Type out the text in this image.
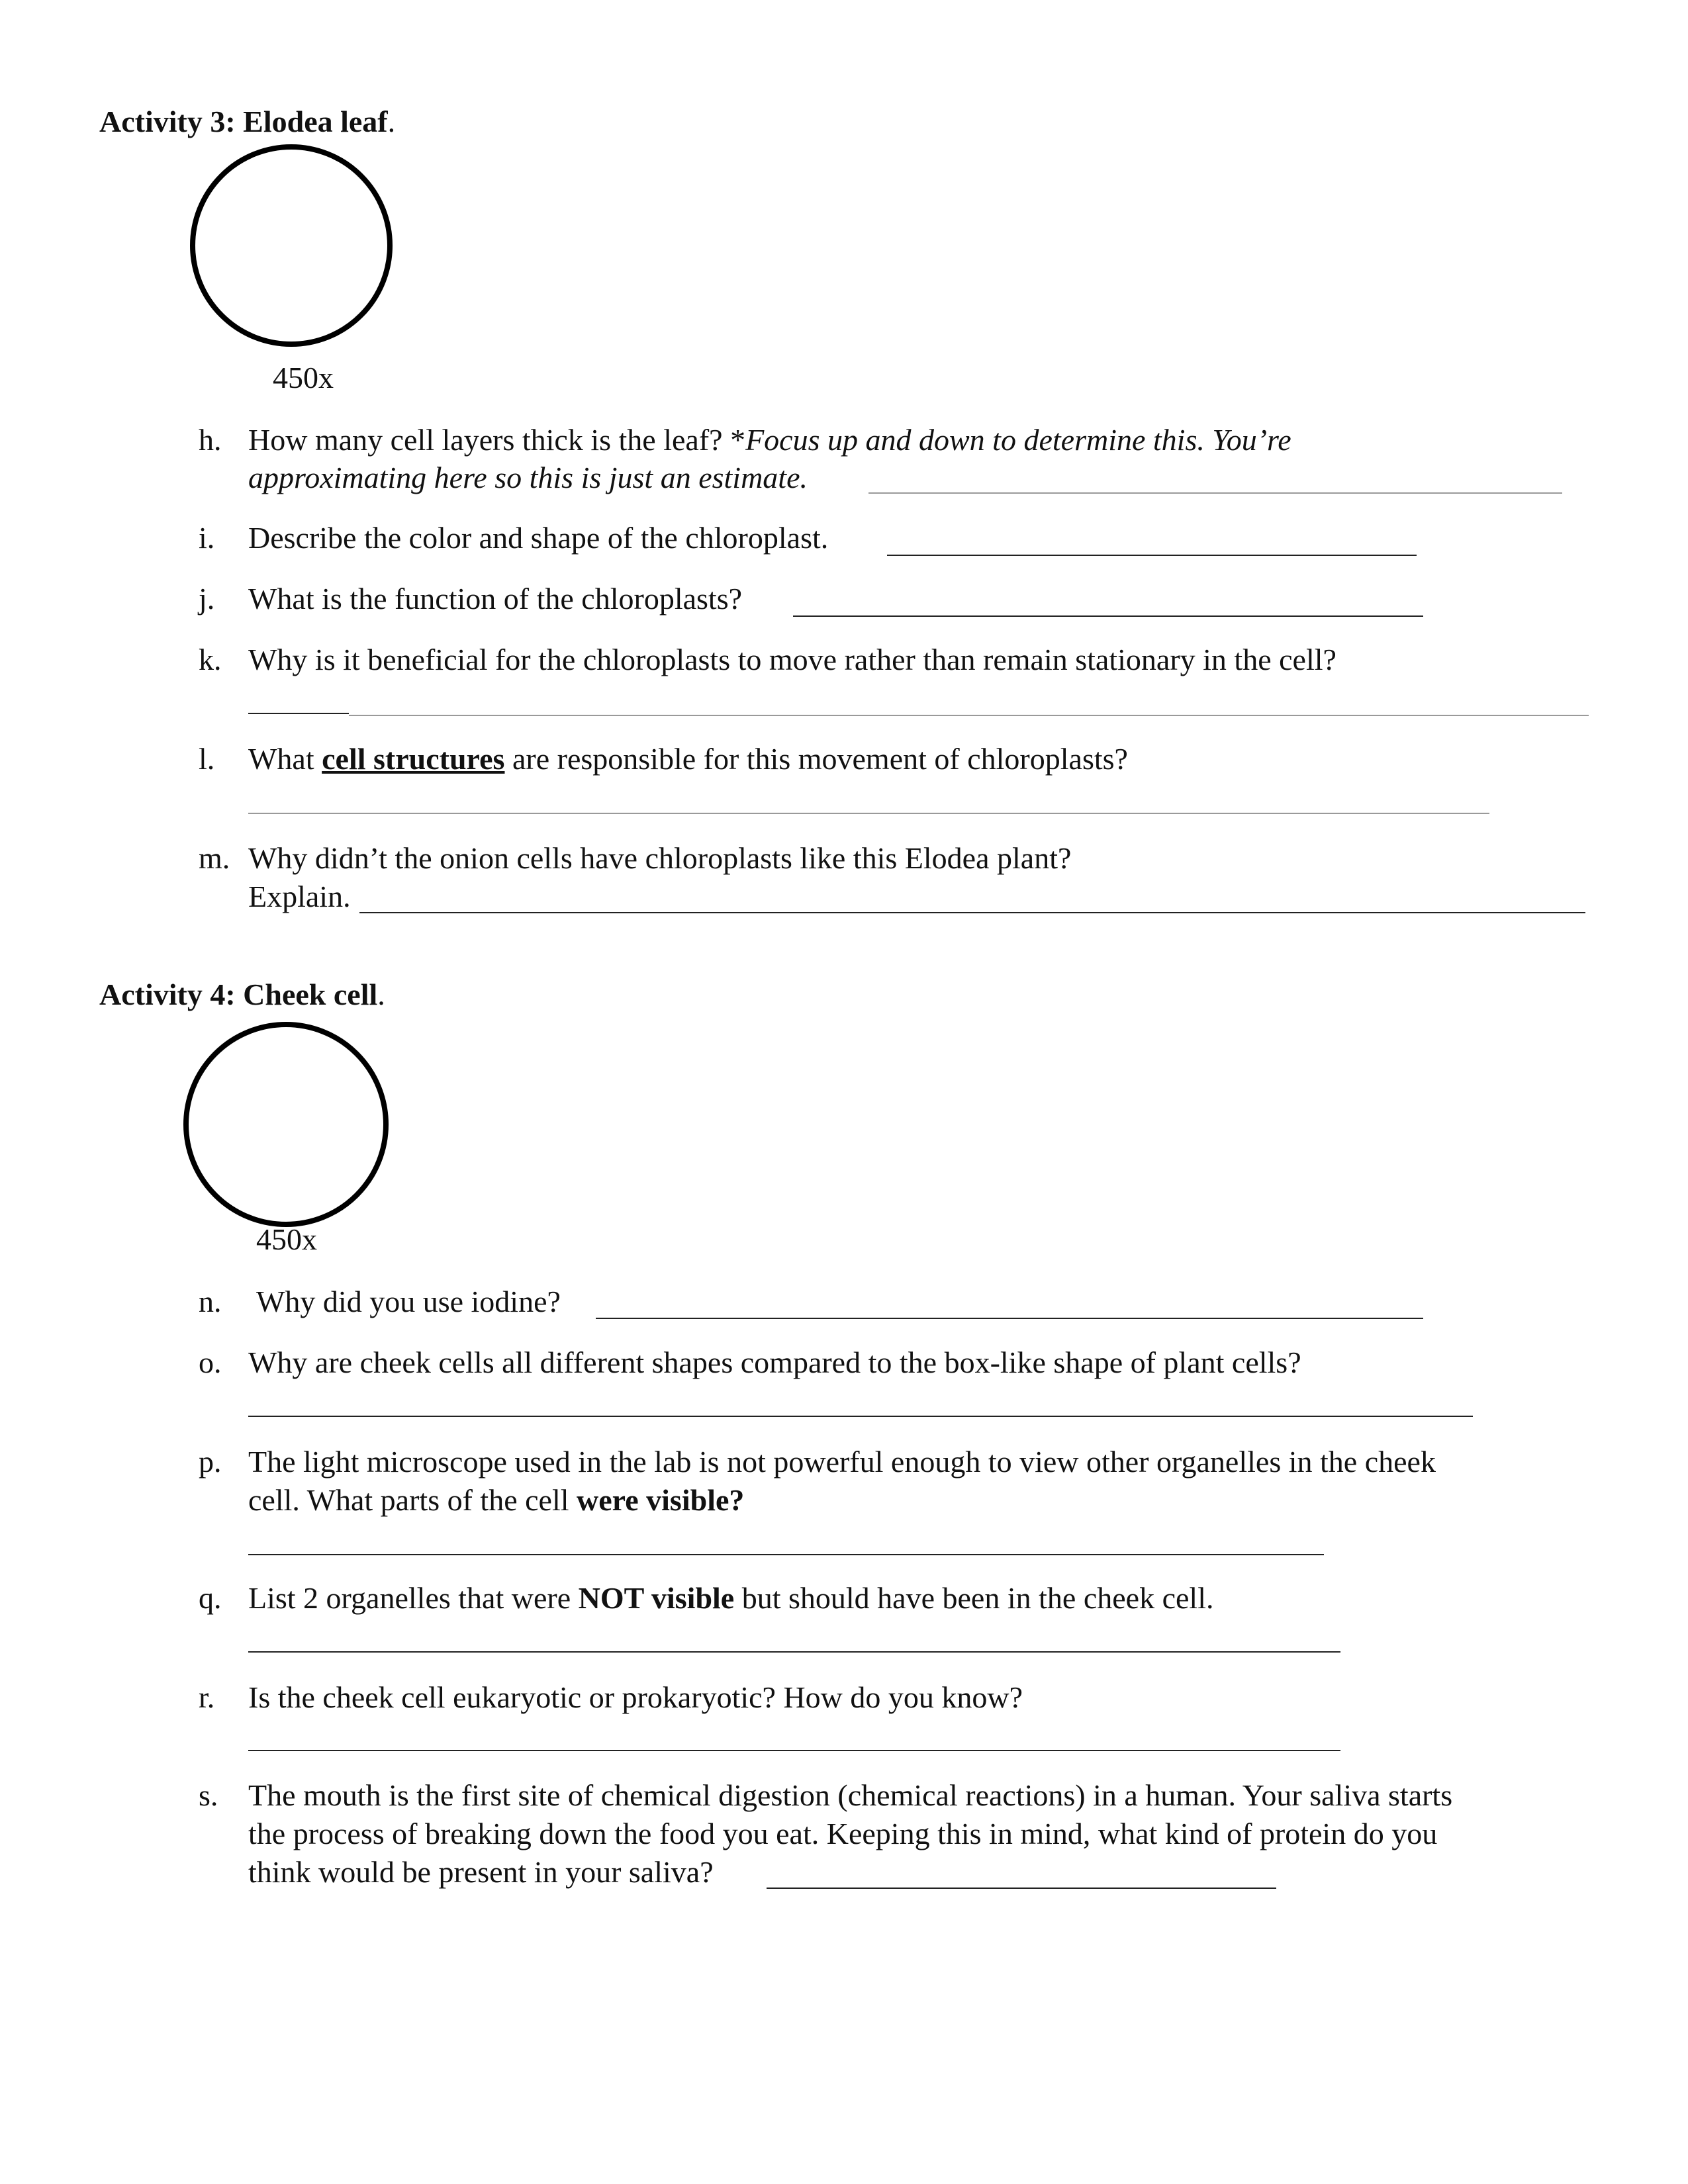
Activity 3: Elodea leaf.
450x
h. How many cell layers thick is the leaf? *Focus up and down to determine this. You’re
approximating here so this is just an estimate.
i. Describe the color and shape of the chloroplast.
j. What is the function of the chloroplasts?
k. Why is it beneficial for the chloroplasts to move rather than remain stationary in the cell?
l. What cell structures are responsible for this movement of chloroplasts?
m. Why didn’t the onion cells have chloroplasts like this Elodea plant?
Explain.
Activity 4: Cheek cell.
450x
n. Why did you use iodine?
o. Why are cheek cells all different shapes compared to the box-like shape of plant cells?
p. The light microscope used in the lab is not powerful enough to view other organelles in the cheek
cell. What parts of the cell were visible?
q. List 2 organelles that were NOT visible but should have been in the cheek cell.
r. Is the cheek cell eukaryotic or prokaryotic? How do you know?
s. The mouth is the first site of chemical digestion (chemical reactions) in a human. Your saliva starts
the process of breaking down the food you eat. Keeping this in mind, what kind of protein do you
think would be present in your saliva?
